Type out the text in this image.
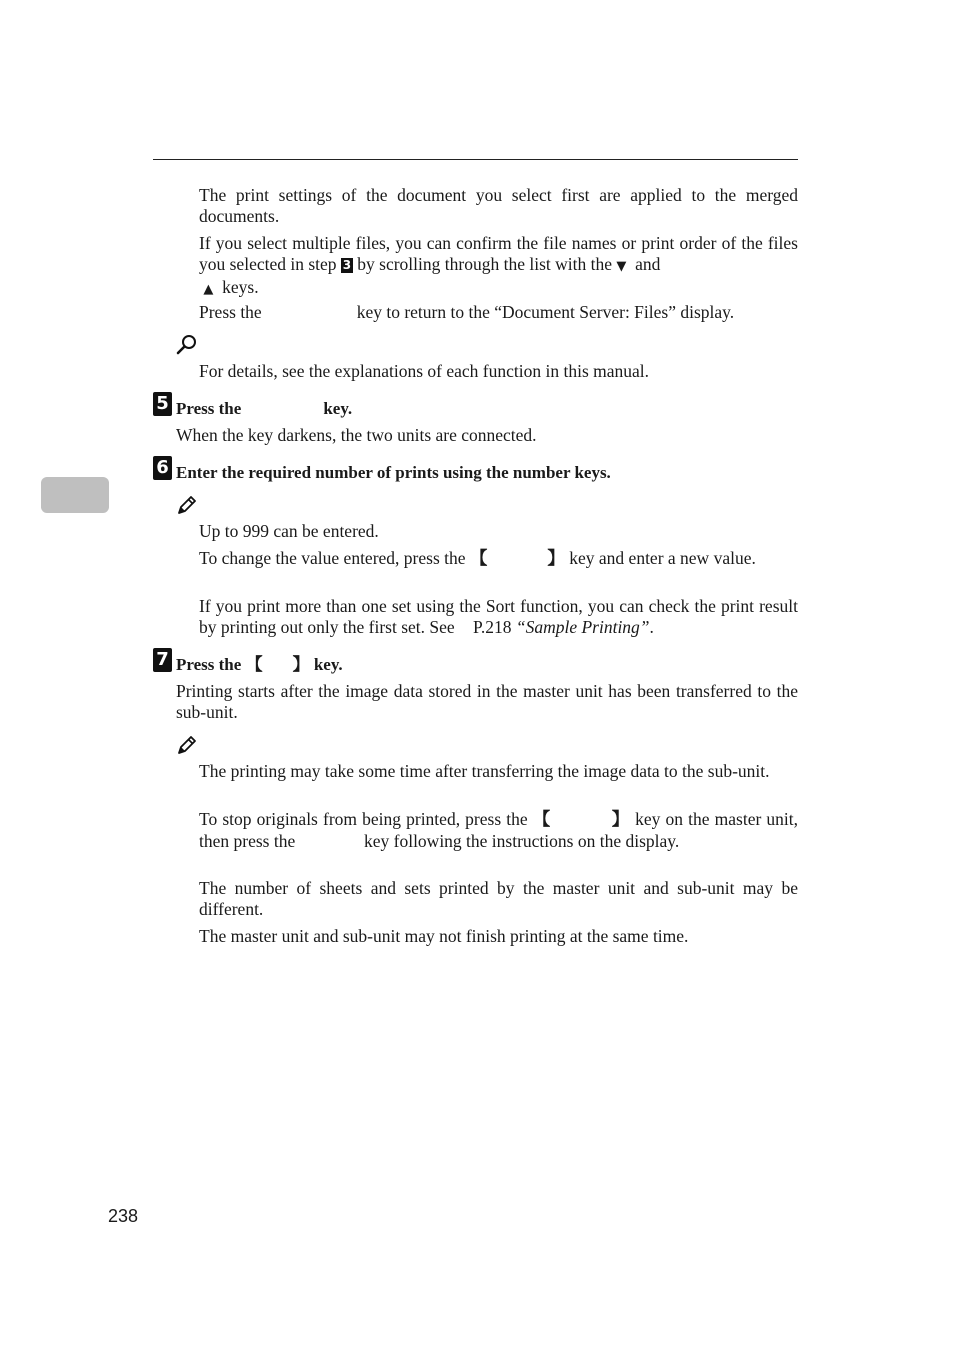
The print settings of the document you select first are applied to the merged documents.

If you select multiple files, you can confirm the file names or print order of the files you selected in step 3 by scrolling through the list with the ▼ and
▲ keys.

Press the	key to return to the “Document Server: Files” display.

For details, see the explanations of each function in this manual.

5 Press the	key.

When the key darkens, the two units are connected.

6 Enter the required number of prints using the number keys.

Up to 999 can be entered.

To change the value entered, press the 【	】 key and enter a new value.

If you print more than one set using the Sort function, you can check the print result by printing out only the first set. See P.218 “Sample Printing”.

7 Press the 【 】 key.

Printing starts after the image data stored in the master unit has been transferred to the sub-unit.

The printing may take some time after transferring the image data to the sub-unit.

To stop originals from being printed, press the 【	】 key on the master unit, then press the	key following the instructions on the display.

The number of sheets and sets printed by the master unit and sub-unit may be different.

The master unit and sub-unit may not finish printing at the same time.

238
